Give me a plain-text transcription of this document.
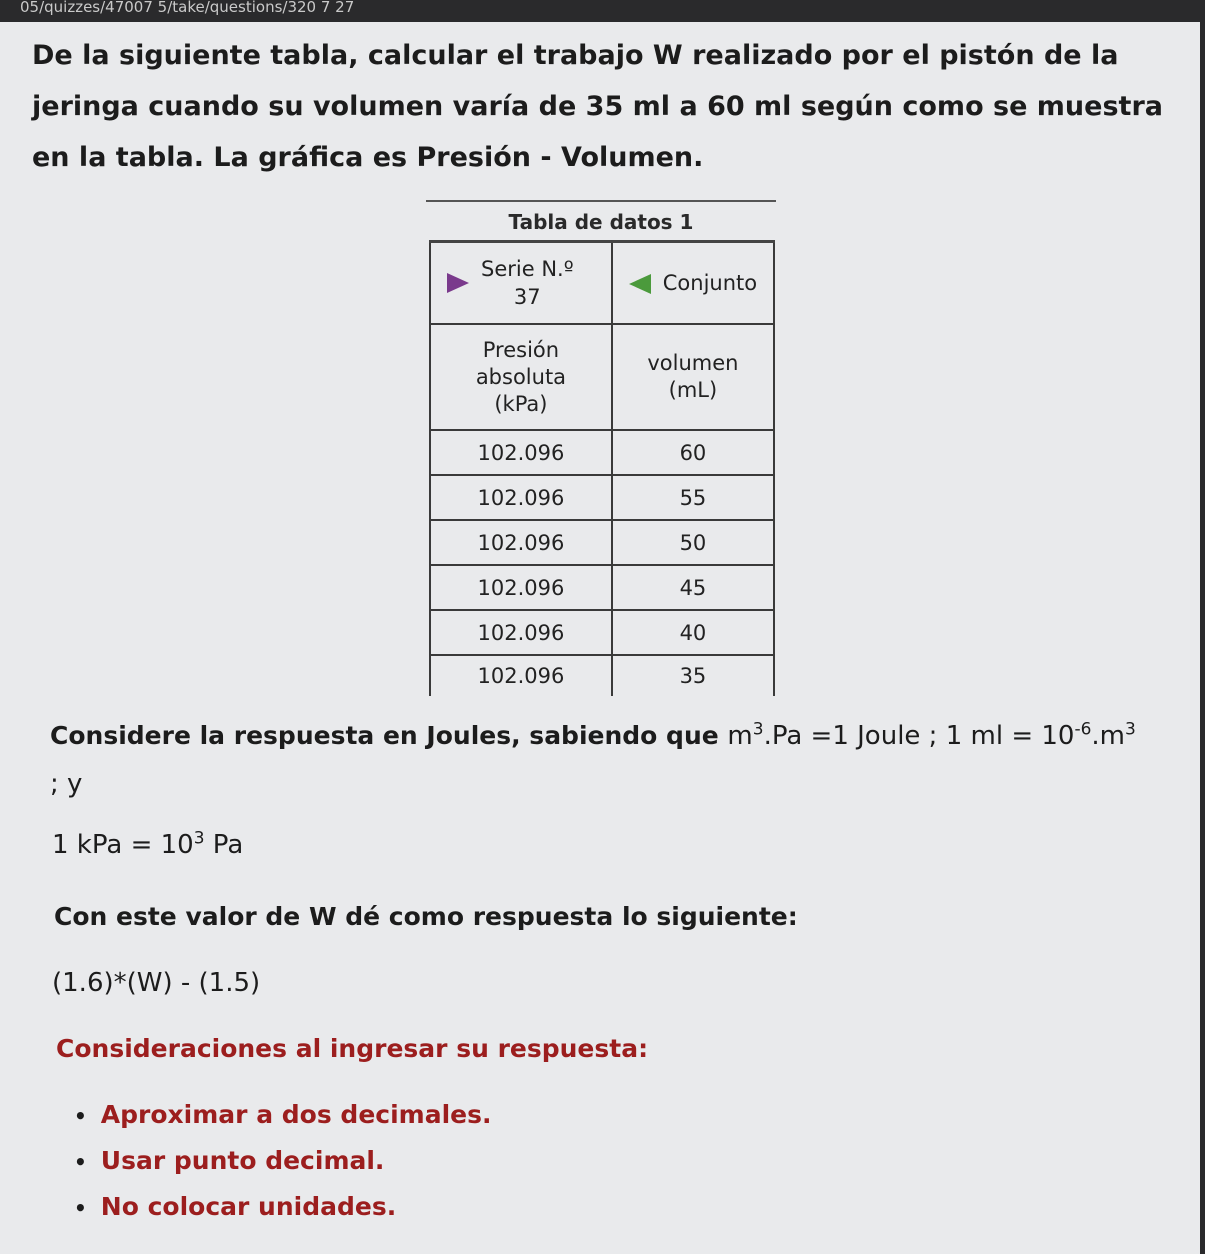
05/quizzes/47007 5/take/questions/320 7 27

De la siguiente tabla, calcular el trabajo W realizado por el pistón de la jeringa cuando su volumen varía de 35 ml a 60 ml según como se muestra en la tabla. La gráfica es Presión - Volumen.

Tabla de datos 1

Serie N.º
37	Conjunto
Presión absoluta (kPa)	volumen (mL)
102.096	60
102.096	55
102.096	50
102.096	45
102.096	40
102.096	35

Considere la respuesta en Joules, sabiendo que $m^3.Pa =1$ Joule ; 1 ml = $10^{-6}.m^3$
; y

1 kPa = $10^3$ Pa
Con este valor de W dé como respuesta lo siguiente:
(1.6)*(W) - (1.5)
Consideraciones al ingresar su respuesta:
• Aproximar a dos decimales.
• Usar punto decimal.
• No colocar unidades.
